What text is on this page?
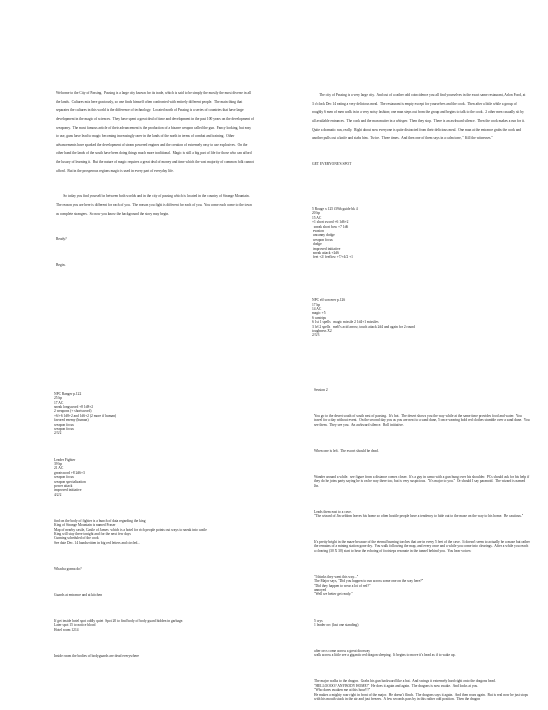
Welcome to the City of Passing.  Passing is a large city known for its trade, which is said to be simply the mostly the most diverse in all the lands.  Cultures mix here graciously, so one finds himself often confronted with entirely different people.  The main thing that separates the cultures in this world is the difference of technology.  Located north of Passing is a series of countries that have large development in the magic of sciences.  They have spent a great deal of time and development in the past 100 years on the development of weaponry.  The most famous article of their advancement is the production of a bizarre weapon called the gun.  Fancy looking, but easy to use, guns have lead to magic becoming increasingly rarer in the lands of the north in terms of combat and training.  Other advancements have sparked the development of steam powered engines and the creation of extremely easy to use explosives.  On the other hand the lands of the south have been doing things much more traditional.  Magic is still a big part of life for those who can afford the luxury of learning it.  But the nature of magic requires a great deal of money and time which the vast majority of common folk cannot afford.  But in the prosperous regions magic is used in every part of everyday life.

So today you find yourself in between both worlds and in the city of passing which is located in the country of Strange Mountain.  The reason you are here is different for each of you.  The reason you fight is different for each of you.  You come each come to the town as complete strangers.  So now you know the background the story may begin.

Ready?

Begin.

The city of Passing is a very large city.  And out of a rather odd coincidence you all find yourselves in the exact same restaurant, Arlon Food, at 3 o'clock Dec 14 eating a very delicious meal.  The restaurant is empty except for yourselves and the cook.  Then after a little while a group of roughly 6 men of men walk in in a very noisy fashion; one man steps out from the group and begins to talk to the cook.  2 other men casually sit by all available entrances.  The cook and the man mutter in a whisper.  Then they stop.  There is an awkward silence.  Then the cook makes a run for it.  Quite a dramatic run, really.  Right about now everyone is quite distracted from their delicious meal.  One man at the entrance grabs the cook and another pulls out a knife and stabs him.  Twice.  Three times.  And then one of them says in a calm tone, " Kill the witnesses."

GET EVERYONE'S SPOT

5 Rouge x 125 f39th guide bk 4
20 hp
15 AC
+1 short sword +6 1d6+2
sneak short bow +7 1d6
evasion
uncanny dodge
weapon focus
dodge
improved initiative
sneak attack +2d6
feet +2/ feeflow +7/+4/2 +1

NPC elf sorcerer p.126
17 hp
14 AC
magic +5
6 cantrips
6 1st 1 spells   magic missile 2 1d4+1 missiles
3 lvl 2 spells   melf's acid arrow, touch attack 2d4 and again for 2 round
toughness X2
2/3/3

NPC Ranger p.122
25 hp
17 AC
sneak longsword +8 1d8+2
2 weapons (+ shortsword)
+6/+6 1d8+2 and 1d6+2 (2 more if human)
favored enemy (human)
weapon focus
weapon focus
2/3/2

Leader Fighter
39 hp
21 AC
greatsword +8 2d6+3
weapon focus
weapon specialization
power attack
improved initiative
4/2/2

find on the body of fighter is a bunch of data regarding the king
King of Strange Mountain is named Fraser
Map of nearby castle, Castle of James  which is a hotel for rich people points out ways to sneak into castle
King will stay there tonight and for the next few days
Cunning scheduled of the cook
See date Dec. 14 handwritten in big red letters and circled...

Whacha gonna do?

Guards at entrance and at kitchen

If get inside hotel spot oddly quiet  Spot 20 to find body of body guard hidden in garbage.
Later spot 15 to notice blood
Hotel room 1214

Inside room the bodies of bodyguards are dead everywhere

Session 2

You go to the desert south of south east of passing.  It's hot.  The desert shows you the way while at the same time provides food and water.  You travel for a day without event.  On the second day you as you are next to a sand dune, 5 once wearing bold red clothes stumble over a sand dune.  You see them.  They see you.  An awkward silence.  Roll initiative.

When one is left.  The escort should be dead.

Wander around a while.  see figure from a distance comes closer.  It's a guy in camo with a gun hung over his shoulder.  PCs should ask for his help if they do he joins party saying he is on he way there too, but is very suspicious.  "It's major to you."  Or should I say paranoid.  The wizard is named Jin.

Leads them east to a cave.
"The wizard of Jin seldom leaves his home so often hostile people have a tendency to hide out to the maze on the way to his home.  Be cautious."

It's pretty bright in the maze because of the eternal burning torches that are in every 5 feet of the cave.  It doesn't seem to actually be a maze but rather the remains of a mining station gone dry.  You walk following the map, and every once and a while you come into clearings.  After a while you reach a clearing (30 X 30) start to hear the echoing of footsteps resonate in the tunnel behind you.  You hear voices:

"I thinks they went this way..."
The Major says, "Did you happen to run across some one on the way here?"
"Did they happen to wear a lot of red?"
annoyed
"Well we better get ready."

5 crys
1 leader orc (last one standing)

after orcs come across a great doorway
walk across a little see a gigantic red dragon sleeping.  It begins to move it's head as if to wake up.

The major walks to the dragon.  Grabs his gun backward like a bat.  And swings it extremely hard right onto the dragons head.
"HELLOOOO? ANYBODY HOME!"  He does it again and again.  The dragons is now awake.  And looks at you.
"Who dares awaken me at this hour!!!"
He makes a mighty roar right in front of the major.  He doesn't flinch.  The dragons says it again.  And then roars again.  But is real now he just stops with his mouth stuck in the air and just freezes.  A few seconds pass by in this rather odd position.  Then the dragon
